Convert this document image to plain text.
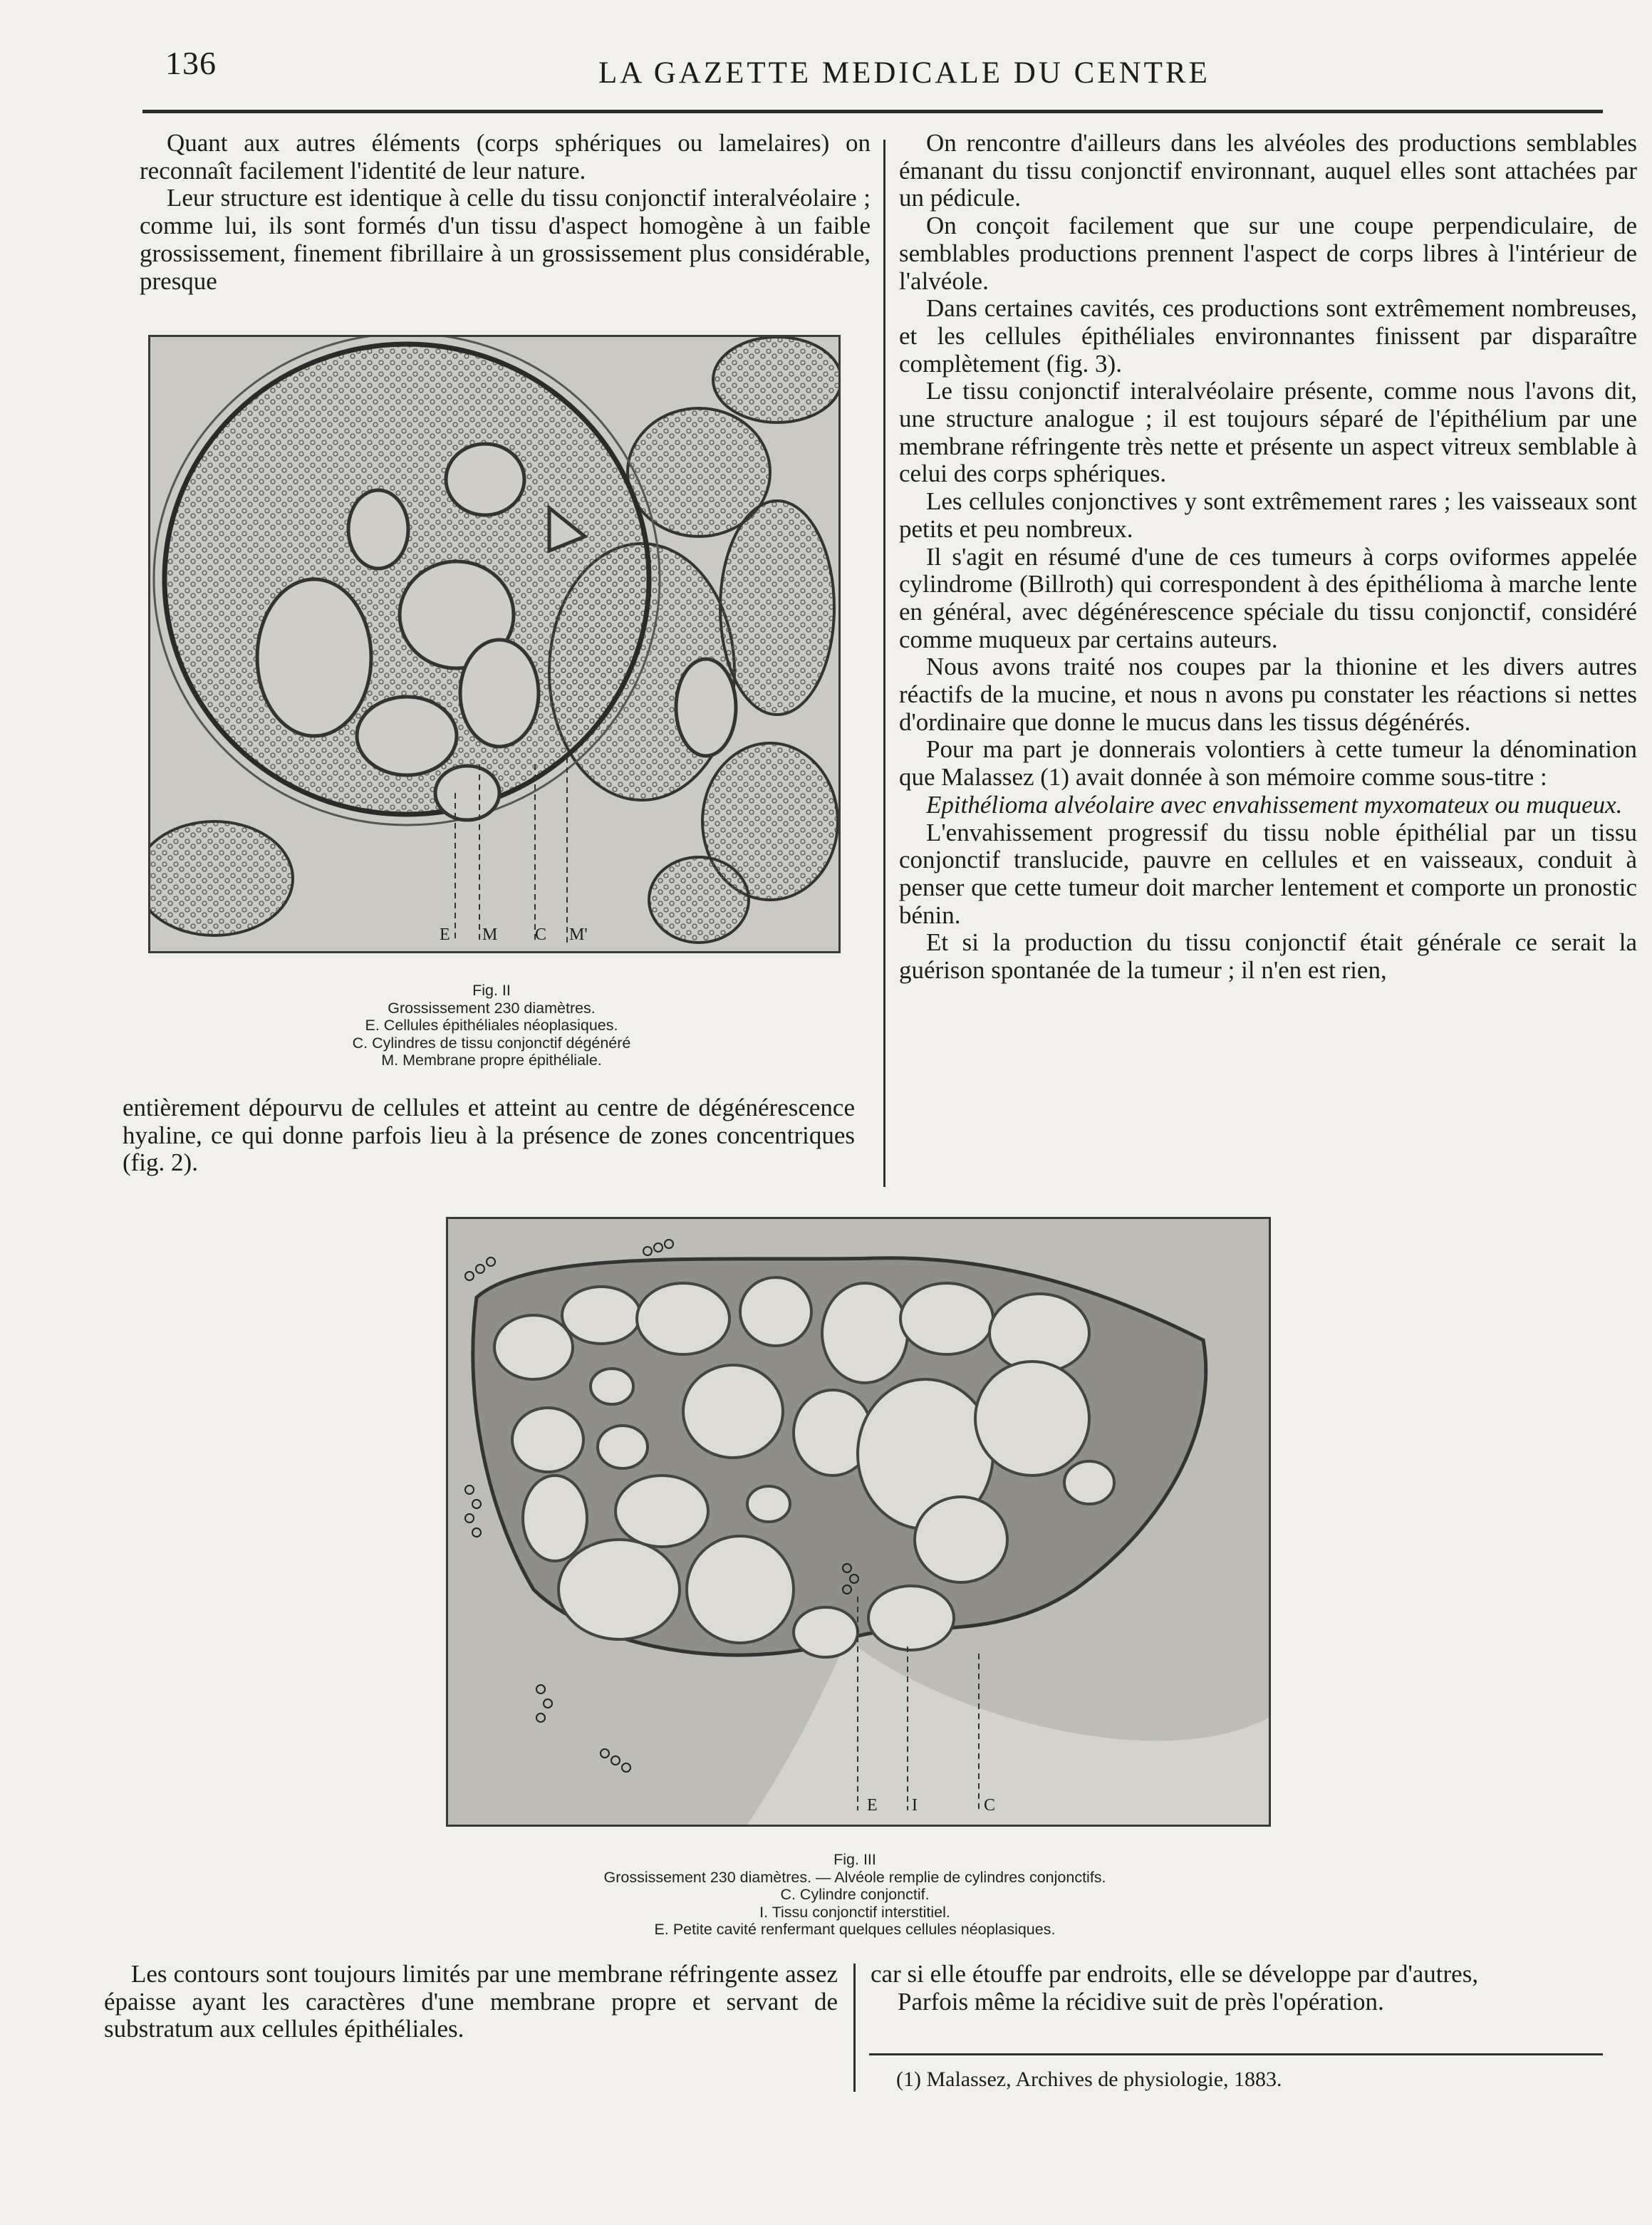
136	LA GAZETTE MEDICALE DU CENTRE

Quant aux autres éléments (corps sphériques ou lamelaires) on reconnaît facilement l'identité de leur nature.

Leur structure est identique à celle du tissu conjonctif interalvéolaire ; comme lui, ils sont formés d'un tissu d'aspect homogène à un faible grossissement, finement fibrillaire à un grossissement plus considérable, presque

E M C M'
Fig. II
Grossissement 230 diamètres.
E. Cellules épithéliales néoplasiques.
C. Cylindres de tissu conjonctif dégénéré
M. Membrane propre épithéliale.

entièrement dépourvu de cellules et atteint au centre de dégénérescence hyaline, ce qui donne parfois lieu à la présence de zones concentriques (fig. 2).

On rencontre d'ailleurs dans les alvéoles des productions semblables émanant du tissu conjonctif environnant, auquel elles sont attachées par un pédicule.

On conçoit facilement que sur une coupe perpendiculaire, de semblables productions prennent l'aspect de corps libres à l'intérieur de l'alvéole.

Dans certaines cavités, ces productions sont extrêmement nombreuses, et les cellules épithéliales environnantes finissent par disparaître complètement (fig. 3).

Le tissu conjonctif interalvéolaire présente, comme nous l'avons dit, une structure analogue ; il est toujours séparé de l'épithélium par une membrane réfringente très nette et présente un aspect vitreux semblable à celui des corps sphériques.

Les cellules conjonctives y sont extrêmement rares ; les vaisseaux sont petits et peu nombreux.

Il s'agit en résumé d'une de ces tumeurs à corps oviformes appelée cylindrome (Billroth) qui correspondent à des épithélioma à marche lente en général, avec dégénérescence spéciale du tissu conjonctif, considéré comme muqueux par certains auteurs.

Nous avons traité nos coupes par la thionine et les divers autres réactifs de la mucine, et nous n avons pu constater les réactions si nettes d'ordinaire que donne le mucus dans les tissus dégénérés.

Pour ma part je donnerais volontiers à cette tumeur la dénomination que Malassez (1) avait donnée à son mémoire comme sous-titre :

Epithélioma alvéolaire avec envahissement myxomateux ou muqueux.

L'envahissement progressif du tissu noble épithélial par un tissu conjonctif translucide, pauvre en cellules et en vaisseaux, conduit à penser que cette tumeur doit marcher lentement et comporte un pronostic bénin.

Et si la production du tissu conjonctif était générale ce serait la guérison spontanée de la tumeur ; il n'en est rien,

E I	C
Fig. III
Grossissement 230 diamètres. — Alvéole remplie de cylindres conjonctifs.
C. Cylindre conjonctif.
I. Tissu conjonctif interstitiel.
E. Petite cavité renfermant quelques cellules néoplasiques.

Les contours sont toujours limités par une membrane réfringente assez épaisse ayant les caractères d'une membrane propre et servant de substratum aux cellules épithéliales.

car si elle étouffe par endroits, elle se développe par d'autres,

Parfois même la récidive suit de près l'opération.

(1) Malassez, Archives de physiologie, 1883.
